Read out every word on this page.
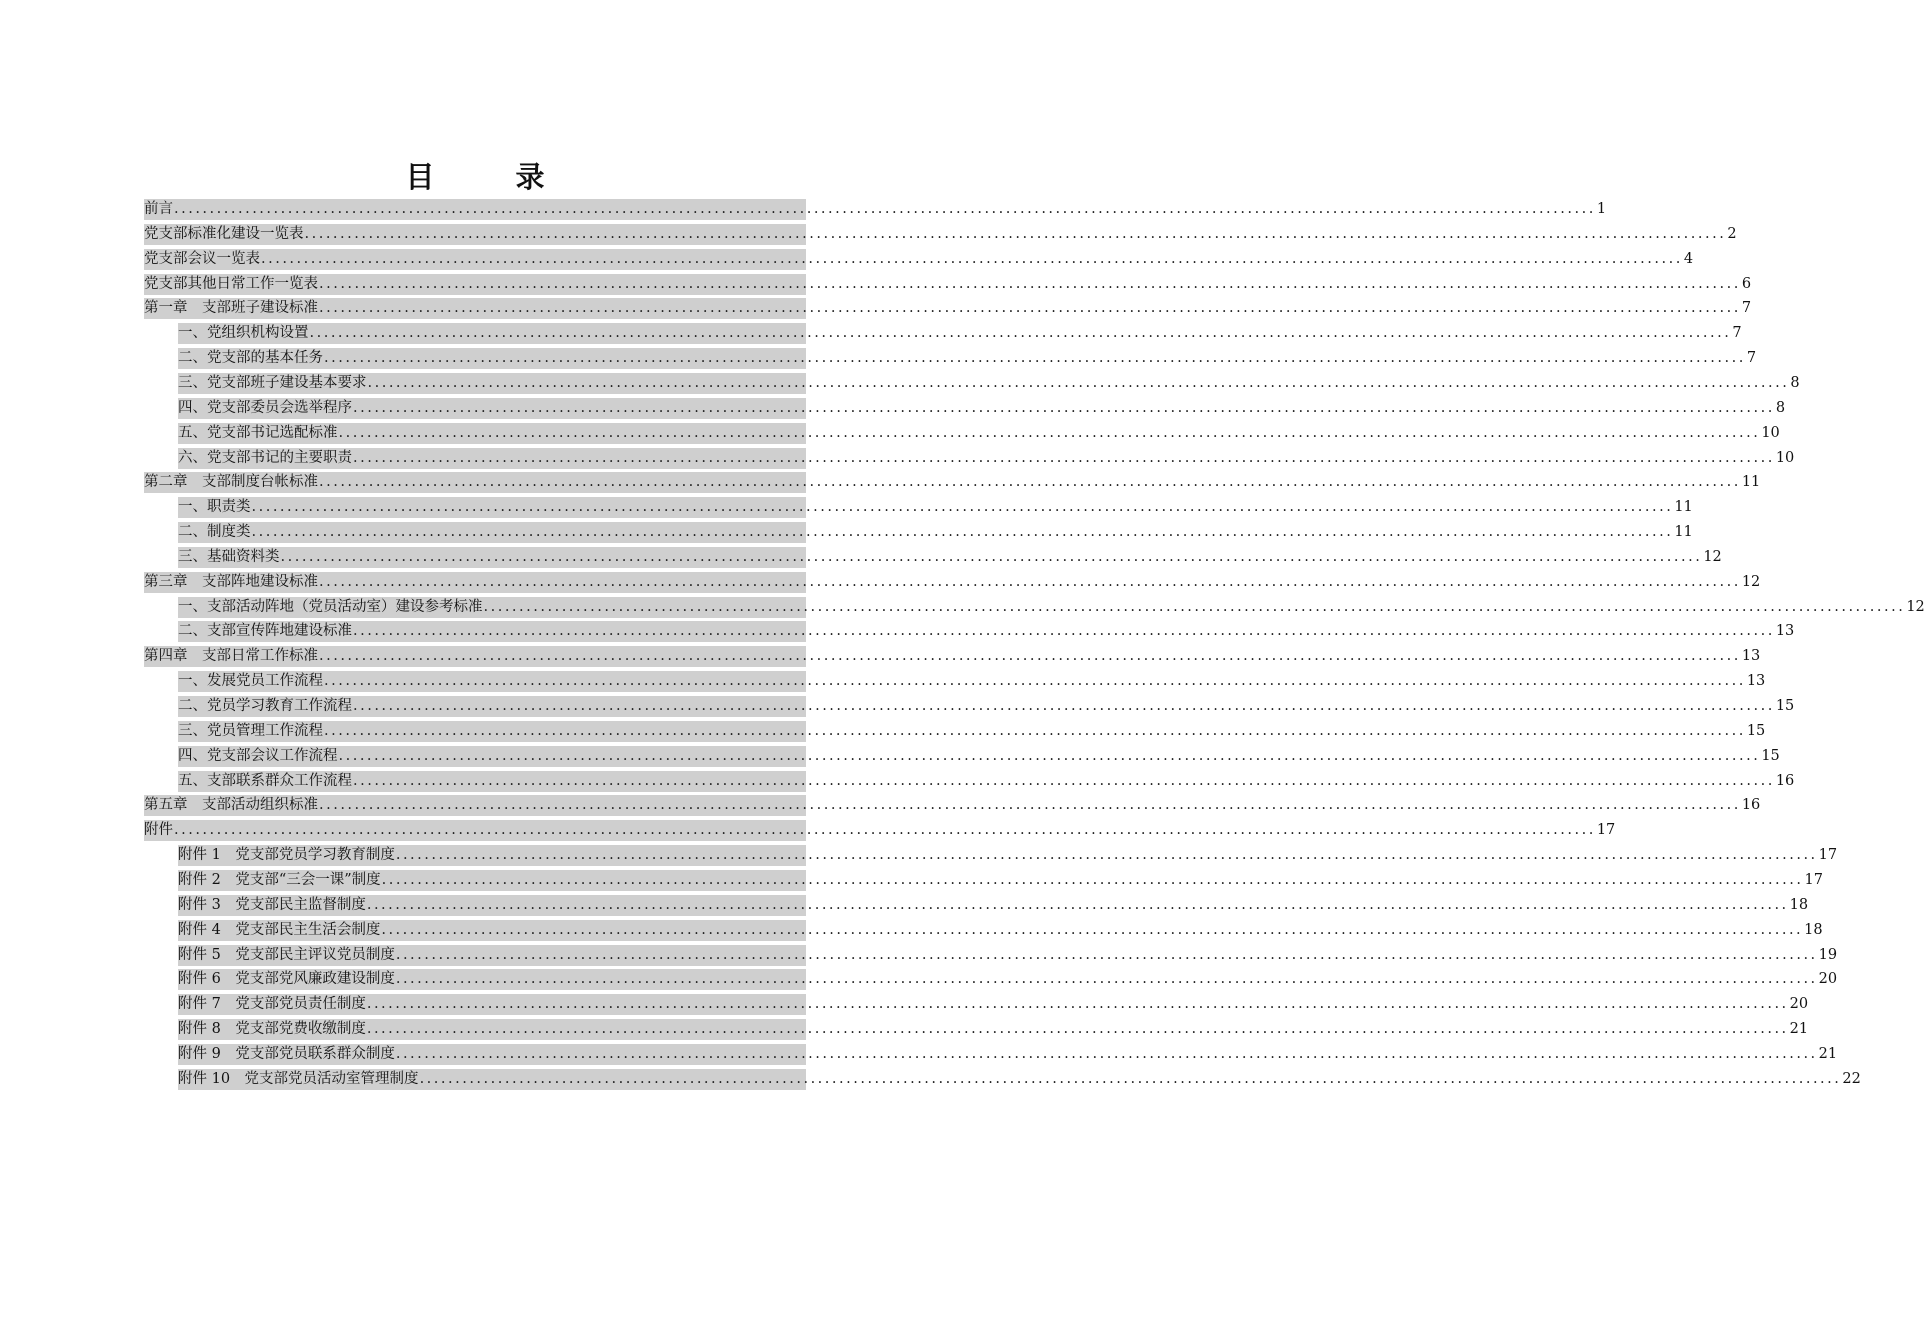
目　录
前言 ........................................................................................................................................................................................................ 1
党支部标准化建设一览表 ........................................................................................................................................................................................................ 2
党支部会议一览表 ........................................................................................................................................................................................................ 4
党支部其他日常工作一览表 ........................................................................................................................................................................................................ 6
第一章　支部班子建设标准 ........................................................................................................................................................................................................ 7
一、党组织机构设置 ........................................................................................................................................................................................................ 7
二、党支部的基本任务 ........................................................................................................................................................................................................ 7
三、党支部班子建设基本要求 ........................................................................................................................................................................................................ 8
四、党支部委员会选举程序 ........................................................................................................................................................................................................ 8
五、党支部书记选配标准 ........................................................................................................................................................................................................ 10
六、党支部书记的主要职责 ........................................................................................................................................................................................................ 10
第二章　支部制度台帐标准 ........................................................................................................................................................................................................ 11
一、职责类 ........................................................................................................................................................................................................ 11
二、制度类 ........................................................................................................................................................................................................ 11
三、基础资料类 ........................................................................................................................................................................................................ 12
第三章　支部阵地建设标准 ........................................................................................................................................................................................................ 12
一、支部活动阵地（党员活动室）建设参考标准 ........................................................................................................................................................................................................ 12
二、支部宣传阵地建设标准 ........................................................................................................................................................................................................ 13
第四章　支部日常工作标准 ........................................................................................................................................................................................................ 13
一、发展党员工作流程 ........................................................................................................................................................................................................ 13
二、党员学习教育工作流程 ........................................................................................................................................................................................................ 15
三、党员管理工作流程 ........................................................................................................................................................................................................ 15
四、党支部会议工作流程 ........................................................................................................................................................................................................ 15
五、支部联系群众工作流程 ........................................................................................................................................................................................................ 16
第五章　支部活动组织标准 ........................................................................................................................................................................................................ 16
附件 ........................................................................................................................................................................................................ 17
附件 1　党支部党员学习教育制度 ........................................................................................................................................................................................................ 17
附件 2　党支部“三会一课”制度 ........................................................................................................................................................................................................ 17
附件 3　党支部民主监督制度 ........................................................................................................................................................................................................ 18
附件 4　党支部民主生活会制度 ........................................................................................................................................................................................................ 18
附件 5　党支部民主评议党员制度 ........................................................................................................................................................................................................ 19
附件 6　党支部党风廉政建设制度 ........................................................................................................................................................................................................ 20
附件 7　党支部党员责任制度 ........................................................................................................................................................................................................ 20
附件 8　党支部党费收缴制度 ........................................................................................................................................................................................................ 21
附件 9　党支部党员联系群众制度 ........................................................................................................................................................................................................ 21
附件 10　党支部党员活动室管理制度 ........................................................................................................................................................................................................ 22
